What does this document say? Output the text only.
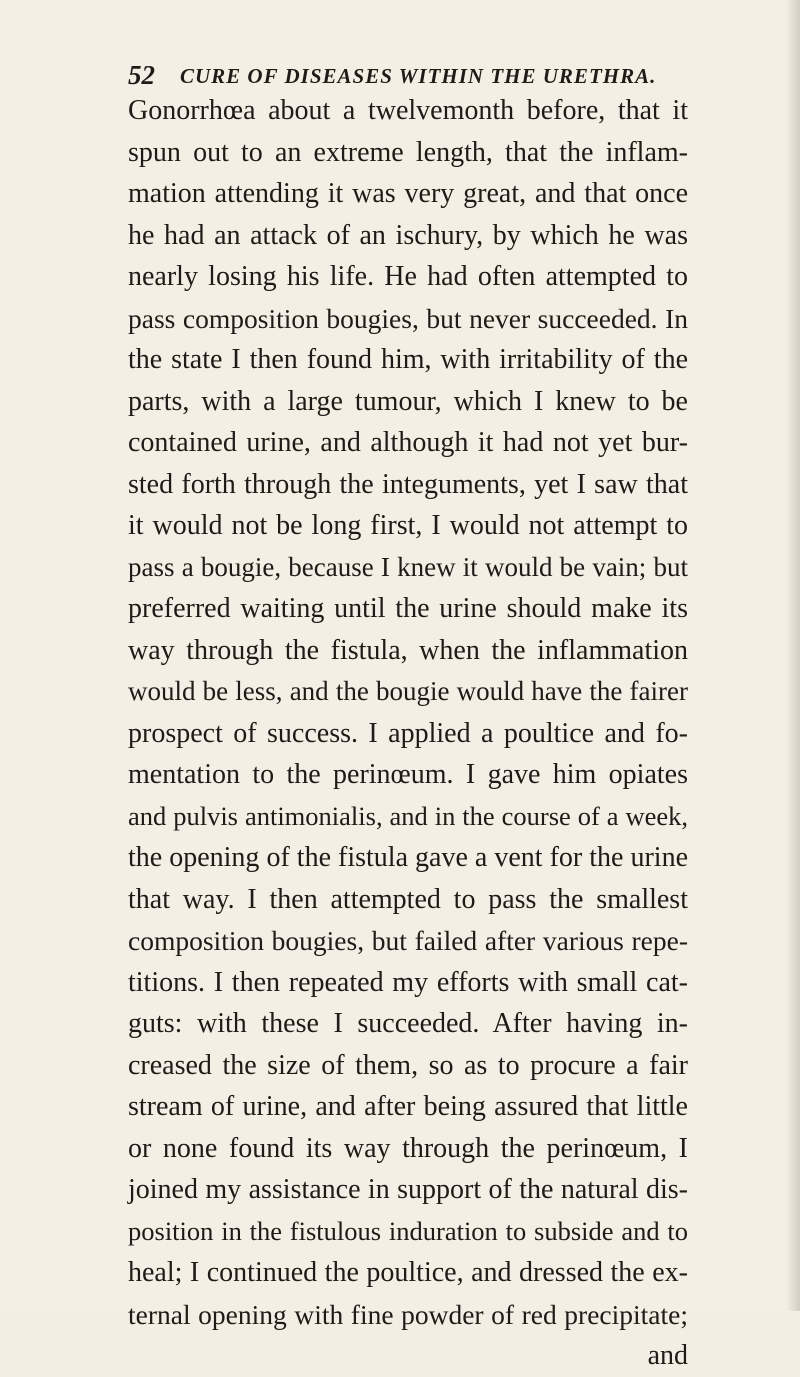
52 CURE OF DISEASES WITHIN THE URETHRA.
Gonorrhœa about a twelvemonth before, that it
spun out to an extreme length, that the inflam-
mation attending it was very great, and that once
he had an attack of an ischury, by which he was
nearly losing his life. He had often attempted to
pass composition bougies, but never succeeded. In
the state I then found him, with irritability of the
parts, with a large tumour, which I knew to be
contained urine, and although it had not yet bur-
sted forth through the integuments, yet I saw that
it would not be long first, I would not attempt to
pass a bougie, because I knew it would be vain; but
preferred waiting until the urine should make its
way through the fistula, when the inflammation
would be less, and the bougie would have the fairer
prospect of success. I applied a poultice and fo-
mentation to the perinœum. I gave him opiates
and pulvis antimonialis, and in the course of a week,
the opening of the fistula gave a vent for the urine
that way. I then attempted to pass the smallest
composition bougies, but failed after various repe-
titions. I then repeated my efforts with small cat-
guts: with these I succeeded. After having in-
creased the size of them, so as to procure a fair
stream of urine, and after being assured that little
or none found its way through the perinœum, I
joined my assistance in support of the natural dis-
position in the fistulous induration to subside and to
heal; I continued the poultice, and dressed the ex-
ternal opening with fine powder of red precipitate;
and
